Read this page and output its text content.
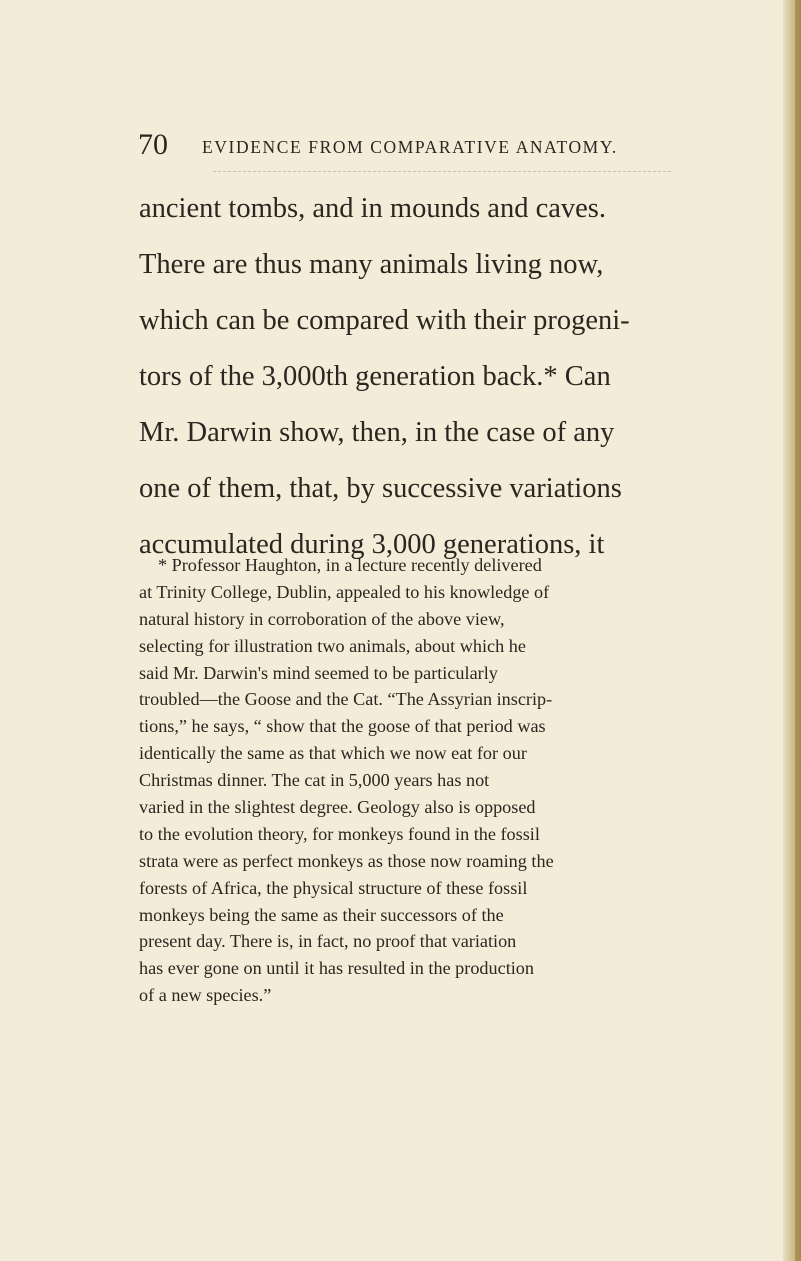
70 EVIDENCE FROM COMPARATIVE ANATOMY.
ancient tombs, and in mounds and caves.
There are thus many animals living now,
which can be compared with their progeni-
tors of the 3,000th generation back.* Can
Mr. Darwin show, then, in the case of any
one of them, that, by successive variations
accumulated during 3,000 generations, it
* Professor Haughton, in a lecture recently delivered
at Trinity College, Dublin, appealed to his knowledge of
natural history in corroboration of the above view,
selecting for illustration two animals, about which he
said Mr. Darwin's mind seemed to be particularly
troubled—the Goose and the Cat. “The Assyrian inscrip-
tions,” he says, “ show that the goose of that period was
identically the same as that which we now eat for our
Christmas dinner. The cat in 5,000 years has not
varied in the slightest degree. Geology also is opposed
to the evolution theory, for monkeys found in the fossil
strata were as perfect monkeys as those now roaming the
forests of Africa, the physical structure of these fossil
monkeys being the same as their successors of the
present day. There is, in fact, no proof that variation
has ever gone on until it has resulted in the production
of a new species.”
